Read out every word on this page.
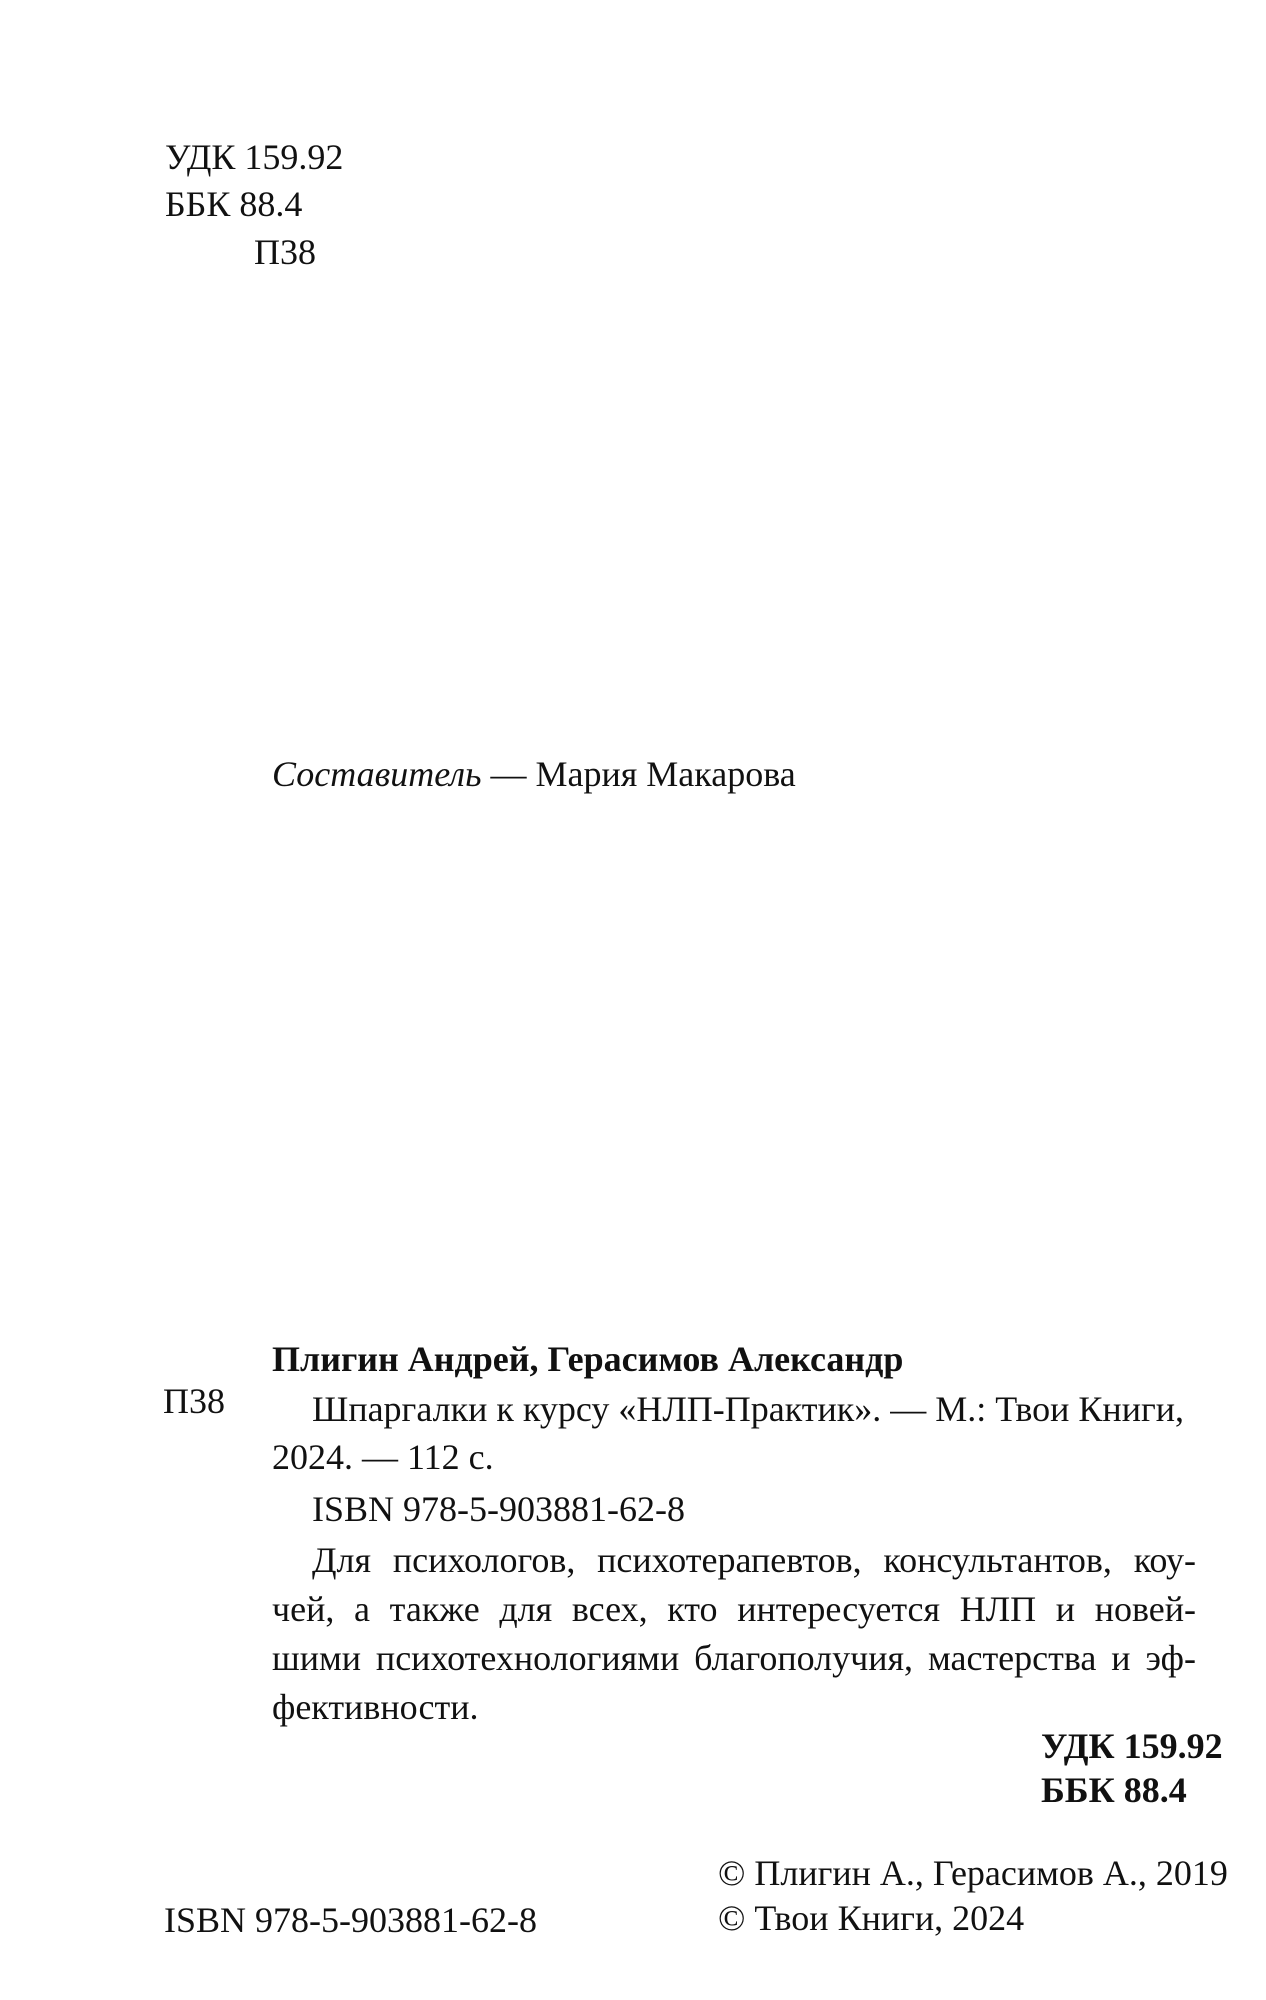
УДК 159.92
ББК 88.4
П38
Составитель — Мария Макарова
Плигин Андрей, Герасимов Александр
П38 Шпаргалки к курсу «НЛП-Практик». — М.: Твои Книги,
2024. — 112 с.
ISBN 978-5-903881-62-8
Для психологов, психотерапевтов, консультантов, коу-
чей, а также для всех, кто интересуется НЛП и новей-
шими психотехнологиями благополучия, мастерства и эф-
фективности.
УДК 159.92
ББК 88.4
© Плигин А., Герасимов А., 2019
© Твои Книги, 2024
ISBN 978-5-903881-62-8
